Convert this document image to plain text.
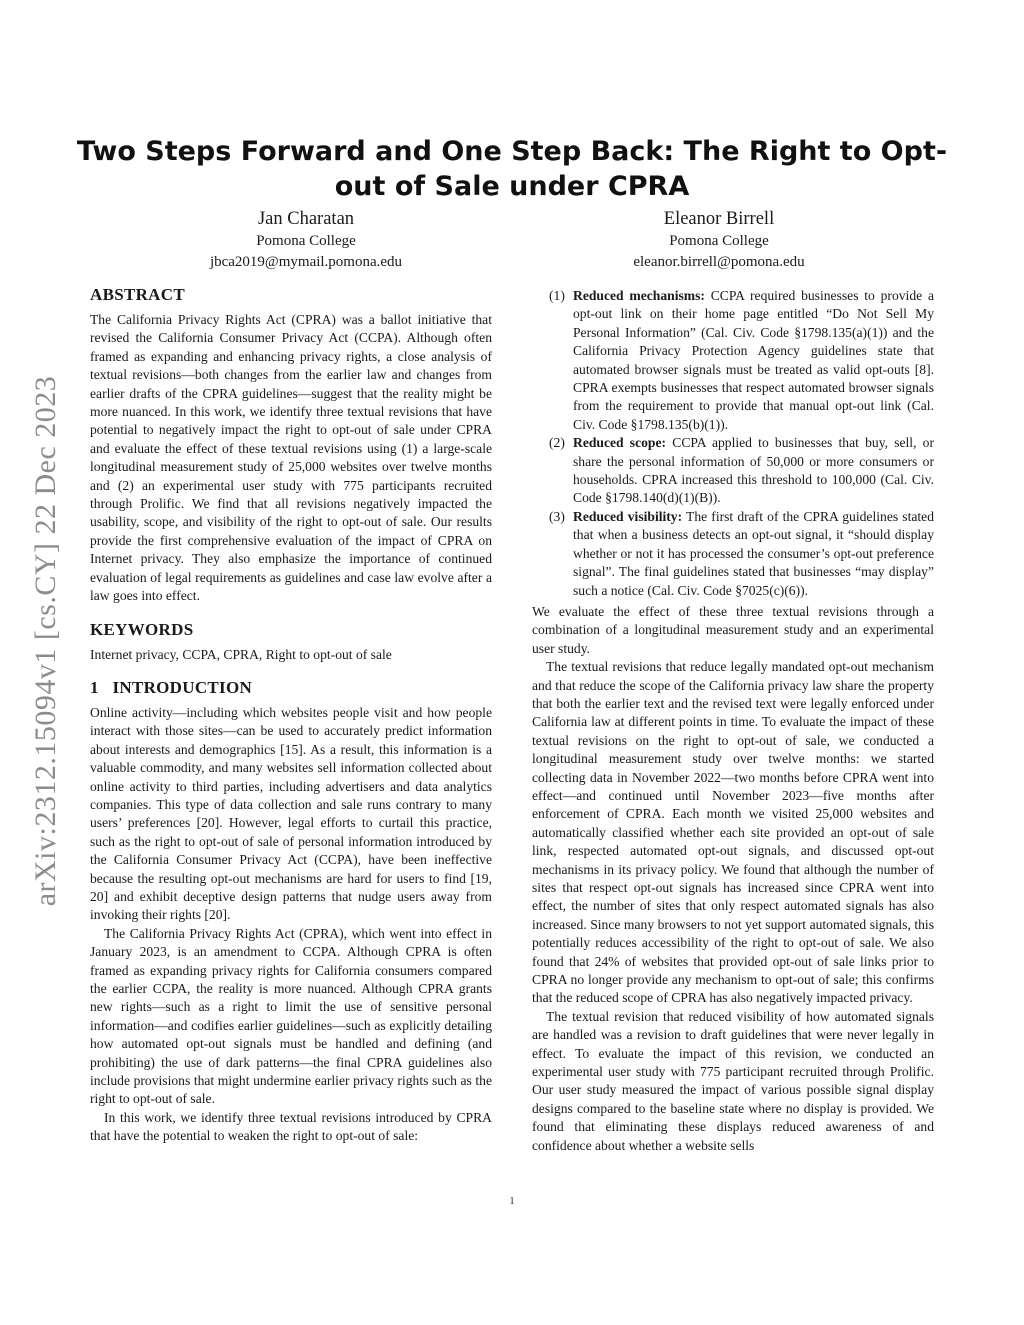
Two Steps Forward and One Step Back: The Right to Opt-out of Sale under CPRA
Jan Charatan
Pomona College
jbca2019@mymail.pomona.edu
Eleanor Birrell
Pomona College
eleanor.birrell@pomona.edu
arXiv:2312.15094v1 [cs.CY] 22 Dec 2023
ABSTRACT

The California Privacy Rights Act (CPRA) was a ballot initiative that revised the California Consumer Privacy Act (CCPA). Although often framed as expanding and enhancing privacy rights, a close analysis of textual revisions—both changes from the earlier law and changes from earlier drafts of the CPRA guidelines—suggest that the reality might be more nuanced. In this work, we identify three textual revisions that have potential to negatively impact the right to opt-out of sale under CPRA and evaluate the effect of these textual revisions using (1) a large-scale longitudinal measurement study of 25,000 websites over twelve months and (2) an experimental user study with 775 participants recruited through Prolific. We find that all revisions negatively impacted the usability, scope, and visibility of the right to opt-out of sale. Our results provide the first comprehensive evaluation of the impact of CPRA on Internet privacy. They also emphasize the importance of continued evaluation of legal requirements as guidelines and case law evolve after a law goes into effect.

KEYWORDS

Internet privacy, CCPA, CPRA, Right to opt-out of sale

1   INTRODUCTION

Online activity—including which websites people visit and how people interact with those sites—can be used to accurately predict information about interests and demographics [15]. As a result, this information is a valuable commodity, and many websites sell information collected about online activity to third parties, including advertisers and data analytics companies. This type of data collection and sale runs contrary to many users’ preferences [20]. However, legal efforts to curtail this practice, such as the right to opt-out of sale of personal information introduced by the California Consumer Privacy Act (CCPA), have been ineffective because the resulting opt-out mechanisms are hard for users to find [19, 20] and exhibit deceptive design patterns that nudge users away from invoking their rights [20].

The California Privacy Rights Act (CPRA), which went into effect in January 2023, is an amendment to CCPA. Although CPRA is often framed as expanding privacy rights for California consumers compared the earlier CCPA, the reality is more nuanced. Although CPRA grants new rights—such as a right to limit the use of sensitive personal information—and codifies earlier guidelines—such as explicitly detailing how automated opt-out signals must be handled and defining (and prohibiting) the use of dark patterns—the final CPRA guidelines also include provisions that might undermine earlier privacy rights such as the right to opt-out of sale.

In this work, we identify three textual revisions introduced by CPRA that have the potential to weaken the right to opt-out of sale:

(1) Reduced mechanisms: CCPA required businesses to provide a opt-out link on their home page entitled “Do Not Sell My Personal Information” (Cal. Civ. Code §1798.135(a)(1)) and the California Privacy Protection Agency guidelines state that automated browser signals must be treated as valid opt-outs [8]. CPRA exempts businesses that respect automated browser signals from the requirement to provide that manual opt-out link (Cal. Civ. Code §1798.135(b)(1)).
(2) Reduced scope: CCPA applied to businesses that buy, sell, or share the personal information of 50,000 or more consumers or households. CPRA increased this threshold to 100,000 (Cal. Civ. Code §1798.140(d)(1)(B)).
(3) Reduced visibility: The first draft of the CPRA guidelines stated that when a business detects an opt-out signal, it “should display whether or not it has processed the consumer’s opt-out preference signal”. The final guidelines stated that businesses “may display” such a notice (Cal. Civ. Code §7025(c)(6)).

We evaluate the effect of these three textual revisions through a combination of a longitudinal measurement study and an experimental user study.

The textual revisions that reduce legally mandated opt-out mechanism and that reduce the scope of the California privacy law share the property that both the earlier text and the revised text were legally enforced under California law at different points in time. To evaluate the impact of these textual revisions on the right to opt-out of sale, we conducted a longitudinal measurement study over twelve months: we started collecting data in November 2022—two months before CPRA went into effect—and continued until November 2023—five months after enforcement of CPRA. Each month we visited 25,000 websites and automatically classified whether each site provided an opt-out of sale link, respected automated opt-out signals, and discussed opt-out mechanisms in its privacy policy. We found that although the number of sites that respect opt-out signals has increased since CPRA went into effect, the number of sites that only respect automated signals has also increased. Since many browsers to not yet support automated signals, this potentially reduces accessibility of the right to opt-out of sale. We also found that 24% of websites that provided opt-out of sale links prior to CPRA no longer provide any mechanism to opt-out of sale; this confirms that the reduced scope of CPRA has also negatively impacted privacy.

The textual revision that reduced visibility of how automated signals are handled was a revision to draft guidelines that were never legally in effect. To evaluate the impact of this revision, we conducted an experimental user study with 775 participant recruited through Prolific. Our user study measured the impact of various possible signal display designs compared to the baseline state where no display is provided. We found that eliminating these displays reduced awareness of and confidence about whether a website sells

1
